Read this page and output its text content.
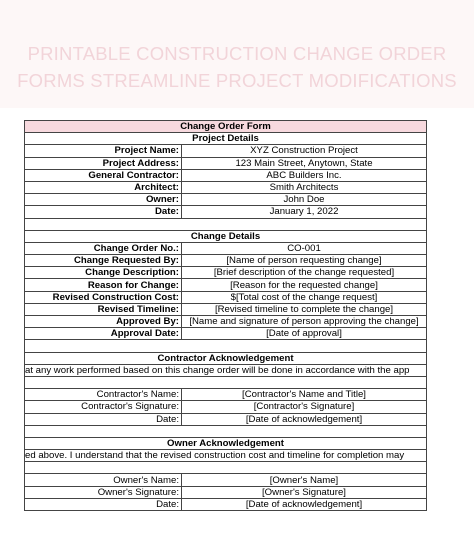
PRINTABLE CONSTRUCTION CHANGE ORDER
FORMS STREAMLINE PROJECT MODIFICATIONS
Change Order Form	
Project Details	
Project Name:	XYZ Construction Project
Project Address:	123 Main Street, Anytown, State
General Contractor:	ABC Builders Inc.
Architect:	Smith Architects
Owner:	John Doe
Date:	January 1, 2022

Change Details	
Change Order No.:	CO-001
Change Requested By:	[Name of person requesting change]
Change Description:	[Brief description of the change requested]
Reason for Change:	[Reason for the requested change]
Revised Construction Cost:	$[Total cost of the change request]
Revised Timeline:	[Revised timeline to complete the change]
Approved By:	[Name and signature of person approving the change]
Approval Date:	[Date of approval]

Contractor Acknowledgement	
at any work performed based on this change order will be done in accordance with the app	

Contractor's Name:	[Contractor's Name and Title]
Contractor's Signature:	[Contractor's Signature]
Date:	[Date of acknowledgement]

Owner Acknowledgement	
ed above. I understand that the revised construction cost and timeline for completion may	

Owner's Name:	[Owner's Name]
Owner's Signature:	[Owner's Signature]
Date:	[Date of acknowledgement]
